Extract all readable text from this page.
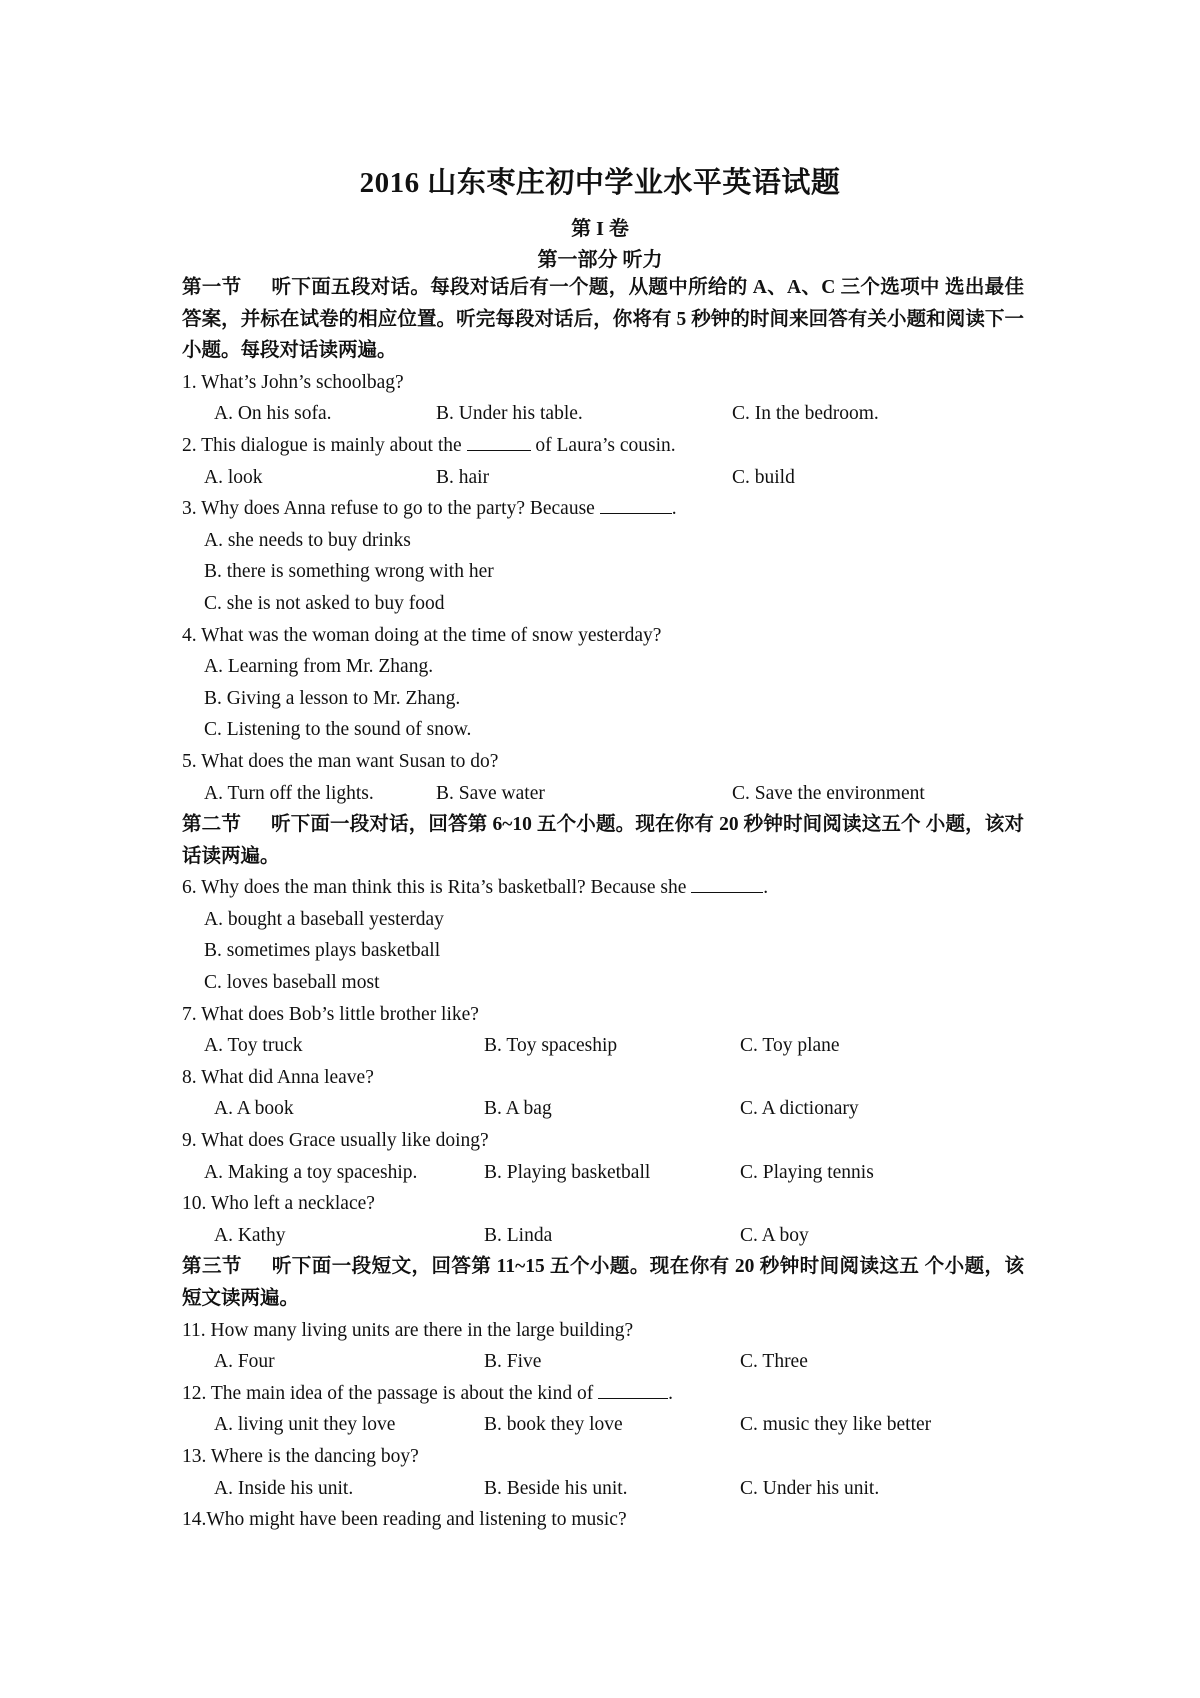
2016 山东枣庄初中学业水平英语试题
第 I 卷
第一部分 听力
第一节 听下面五段对话。每段对话后有一个题，从题中所给的 A、A、C 三个选项中 选出最佳答案，并标在试卷的相应位置。听完每段对话后，你将有 5 秒钟的时间来回答有关小题和阅读下一小题。每段对话读两遍。
1. What’s John’s schoolbag?
A. On his sofa.	B. Under his table.	C. In the bedroom.
2. This dialogue is mainly about the	of Laura’s cousin.
A. look	B. hair	C. build
3. Why does Anna refuse to go to the party? Because	.
A. she needs to buy drinks
B. there is something wrong with her
C. she is not asked to buy food
4. What was the woman doing at the time of snow yesterday?
A. Learning from Mr. Zhang.
B. Giving a lesson to Mr. Zhang.
C. Listening to the sound of snow.
5. What does the man want Susan to do?
A. Turn off the lights.	B. Save water	C. Save the environment
第二节 听下面一段对话，回答第 6~10 五个小题。现在你有 20 秒钟时间阅读这五个 小题，该对话读两遍。
6. Why does the man think this is Rita’s basketball? Because she	.
A. bought a baseball yesterday
B. sometimes plays basketball
C. loves baseball most
7. What does Bob’s little brother like?
A. Toy truck	B. Toy spaceship	C. Toy plane
8. What did Anna leave?
A. A book	B. A bag	C. A dictionary
9. What does Grace usually like doing?
A. Making a toy spaceship.	B. Playing basketball	C. Playing tennis
10. Who left a necklace?
A. Kathy	B. Linda	C. A boy
第三节 听下面一段短文，回答第 11~15 五个小题。现在你有 20 秒钟时间阅读这五 个小题，该短文读两遍。
11. How many living units are there in the large building?
A. Four	B. Five	C. Three
12. The main idea of the passage is about the kind of	.
A. living unit they love	B. book they love	C. music they like better
13. Where is the dancing boy?
A. Inside his unit.	B. Beside his unit.	C. Under his unit.
14.Who might have been reading and listening to music?
